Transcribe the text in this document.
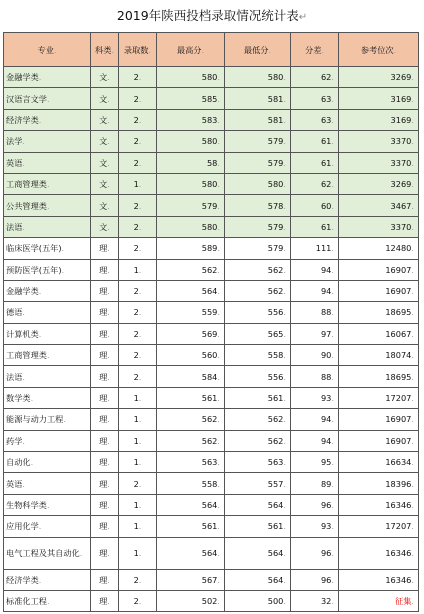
2019年陕西投档录取情况统计表↵
专业.	科类.	录取数.	最高分.	最低分.	分差.	参考位次.
金融学类.	文.	2.	580.	580.	62.	3269.
汉语言文学.	文.	2.	585.	581.	63.	3169.
经济学类.	文.	2.	583.	581.	63.	3169.
法学.	文.	2.	580.	579.	61.	3370.
英语.	文.	2.	58.	579.	61.	3370.
工商管理类.	文.	1.	580.	580.	62.	3269.
公共管理类.	文.	2.	579.	578.	60.	3467.
法语.	文.	2.	580.	579.	61.	3370.
临床医学(五年).	理.	2.	589.	579.	111.	12480.
预防医学(五年).	理.	1.	562.	562.	94.	16907.
金融学类.	理.	2.	564.	562.	94.	16907.
德语.	理.	2.	559.	556.	88.	18695.
计算机类.	理.	2.	569.	565.	97.	16067.
工商管理类.	理.	2.	560.	558.	90.	18074.
法语.	理.	2.	584.	556.	88.	18695.
数学类.	理.	1.	561.	561.	93.	17207.
能源与动力工程.	理.	1.	562.	562.	94.	16907.
药学.	理.	1.	562.	562.	94.	16907.
自动化.	理.	1.	563.	563.	95.	16634.
英语.	理.	2.	558.	557.	89.	18396.
生物科学类.	理.	1.	564.	564.	96.	16346.
应用化学.	理.	1.	561.	561.	93.	17207.
电气工程及其自动化.	理.	1.	564.	564.	96.	16346.
经济学类.	理.	2.	567.	564.	96.	16346.
标准化工程.	理.	2.	502.	500.	32.	征集.
